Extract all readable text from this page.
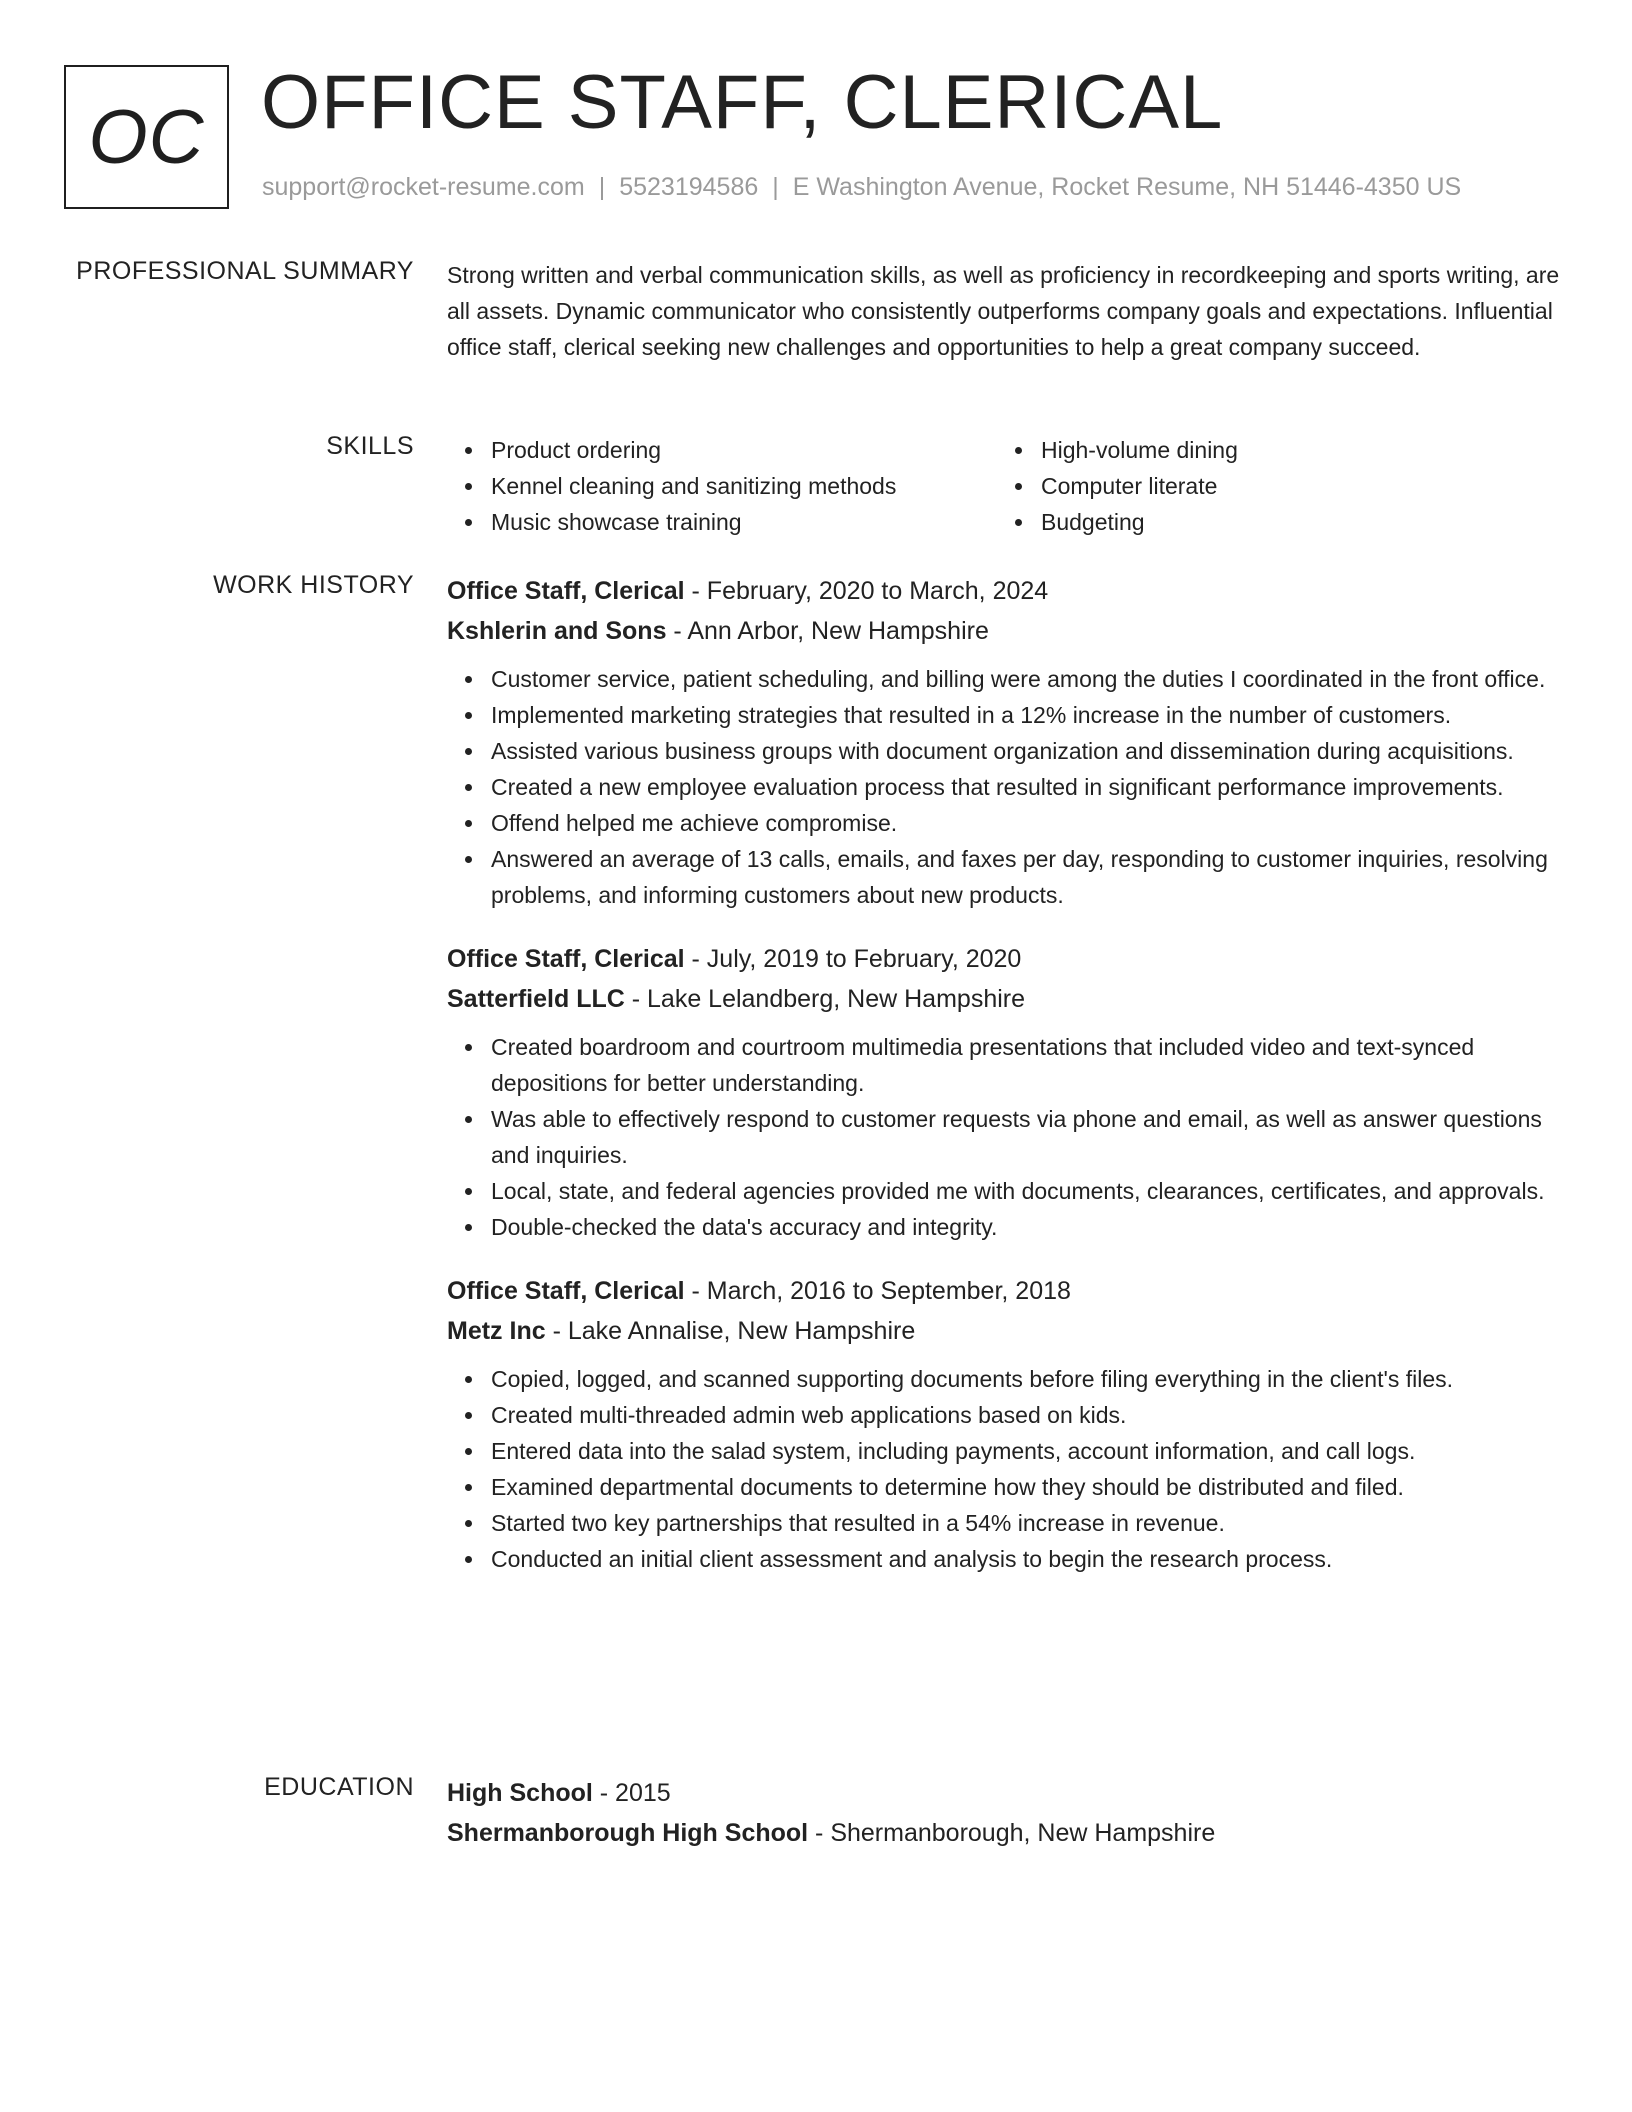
OC OFFICE STAFF, CLERICAL
support@rocket-resume.com | 5523194586 | E Washington Avenue, Rocket Resume, NH 51446-4350 US
PROFESSIONAL SUMMARY Strong written and verbal communication skills, as well as proficiency in recordkeeping and sports writing, are all assets. Dynamic communicator who consistently outperforms company goals and expectations. Influential office staff, clerical seeking new challenges and opportunities to help a great company succeed.

SKILLS	Product ordering
Kennel cleaning and sanitizing methods
Music showcase training
High-volume dining
Computer literate
Budgeting
WORK HISTORY Office Staff, Clerical - February, 2020 to March, 2024
Kshlerin and Sons - Ann Arbor, New Hampshire
Customer service, patient scheduling, and billing were among the duties I coordinated in the front office.
Implemented marketing strategies that resulted in a 12% increase in the number of customers.
Assisted various business groups with document organization and dissemination during acquisitions.
Created a new employee evaluation process that resulted in significant performance improvements.
Offend helped me achieve compromise.
Answered an average of 13 calls, emails, and faxes per day, responding to customer inquiries, resolving problems, and informing customers about new products.
Office Staff, Clerical - July, 2019 to February, 2020
Satterfield LLC - Lake Lelandberg, New Hampshire
Created boardroom and courtroom multimedia presentations that included video and text-synced depositions for better understanding.
Was able to effectively respond to customer requests via phone and email, as well as answer questions and inquiries.
Local, state, and federal agencies provided me with documents, clearances, certificates, and approvals.
Double-checked the data's accuracy and integrity.
Office Staff, Clerical - March, 2016 to September, 2018
Metz Inc - Lake Annalise, New Hampshire
Copied, logged, and scanned supporting documents before filing everything in the client's files.
Created multi-threaded admin web applications based on kids.
Entered data into the salad system, including payments, account information, and call logs.
Examined departmental documents to determine how they should be distributed and filed.
Started two key partnerships that resulted in a 54% increase in revenue.
Conducted an initial client assessment and analysis to begin the research process.
EDUCATION High School - 2015
Shermanborough High School - Shermanborough, New Hampshire
